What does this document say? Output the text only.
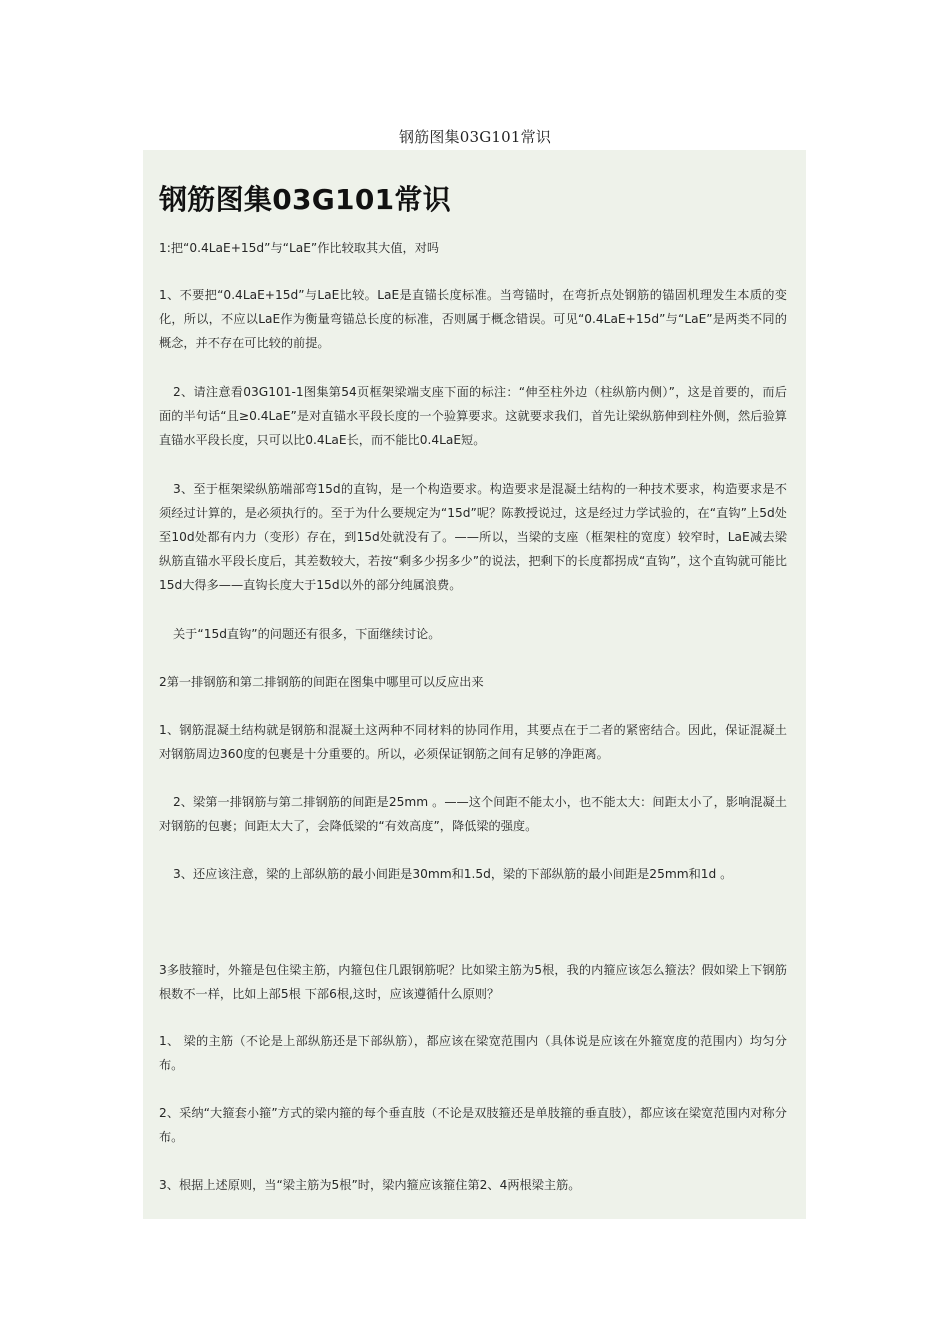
钢筋图集03G101常识
钢筋图集03G101常识

1:把“0.4LaE+15d”与“LaE”作比较取其大值，对吗

1、不要把“0.4LaE+15d”与LaE比较。LaE是直锚长度标准。当弯锚时，在弯折点处钢筋的锚固机理发生本质的变化，所以，不应以LaE作为衡量弯锚总长度的标准，否则属于概念错误。可见“0.4LaE+15d”与“LaE”是两类不同的概念，并不存在可比较的前提。

2、请注意看03G101-1图集第54页框架梁端支座下面的标注：“伸至柱外边（柱纵筋内侧）”，这是首要的，而后面的半句话“且≥0.4LaE”是对直锚水平段长度的一个验算要求。这就要求我们，首先让梁纵筋伸到柱外侧，然后验算直锚水平段长度，只可以比0.4LaE长，而不能比0.4LaE短。

3、至于框架梁纵筋端部弯15d的直钩，是一个构造要求。构造要求是混凝土结构的一种技术要求，构造要求是不须经过计算的，是必须执行的。至于为什么要规定为“15d”呢？陈教授说过，这是经过力学试验的，在“直钩”上5d处至10d处都有内力（变形）存在，到15d处就没有了。——所以，当梁的支座（框架柱的宽度）较窄时，LaE减去梁纵筋直锚水平段长度后，其差数较大，若按“剩多少拐多少”的说法，把剩下的长度都拐成“直钩”，这个直钩就可能比15d大得多——直钩长度大于15d以外的部分纯属浪费。

关于“15d直钩”的问题还有很多，下面继续讨论。

2第一排钢筋和第二排钢筋的间距在图集中哪里可以反应出来

1、钢筋混凝土结构就是钢筋和混凝土这两种不同材料的协同作用，其要点在于二者的紧密结合。因此，保证混凝土对钢筋周边360度的包裹是十分重要的。所以，必须保证钢筋之间有足够的净距离。

2、梁第一排钢筋与第二排钢筋的间距是25mm 。——这个间距不能太小，也不能太大：间距太小了，影响混凝土对钢筋的包裹；间距太大了，会降低梁的“有效高度”，降低梁的强度。

3、还应该注意，梁的上部纵筋的最小间距是30mm和1.5d，梁的下部纵筋的最小间距是25mm和1d 。

3多肢箍时，外箍是包住梁主筋，内箍包住几跟钢筋呢？比如梁主筋为5根，我的内箍应该怎么箍法？假如梁上下钢筋根数不一样，比如上部5根 下部6根,这时，应该遵循什么原则？

1、 梁的主筋（不论是上部纵筋还是下部纵筋），都应该在梁宽范围内（具体说是应该在外箍宽度的范围内）均匀分布。

2、采纳“大箍套小箍”方式的梁内箍的每个垂直肢（不论是双肢箍还是单肢箍的垂直肢），都应该在梁宽范围内对称分布。

3、根据上述原则，当“梁主筋为5根”时，梁内箍应该箍住第2、4两根梁主筋。
